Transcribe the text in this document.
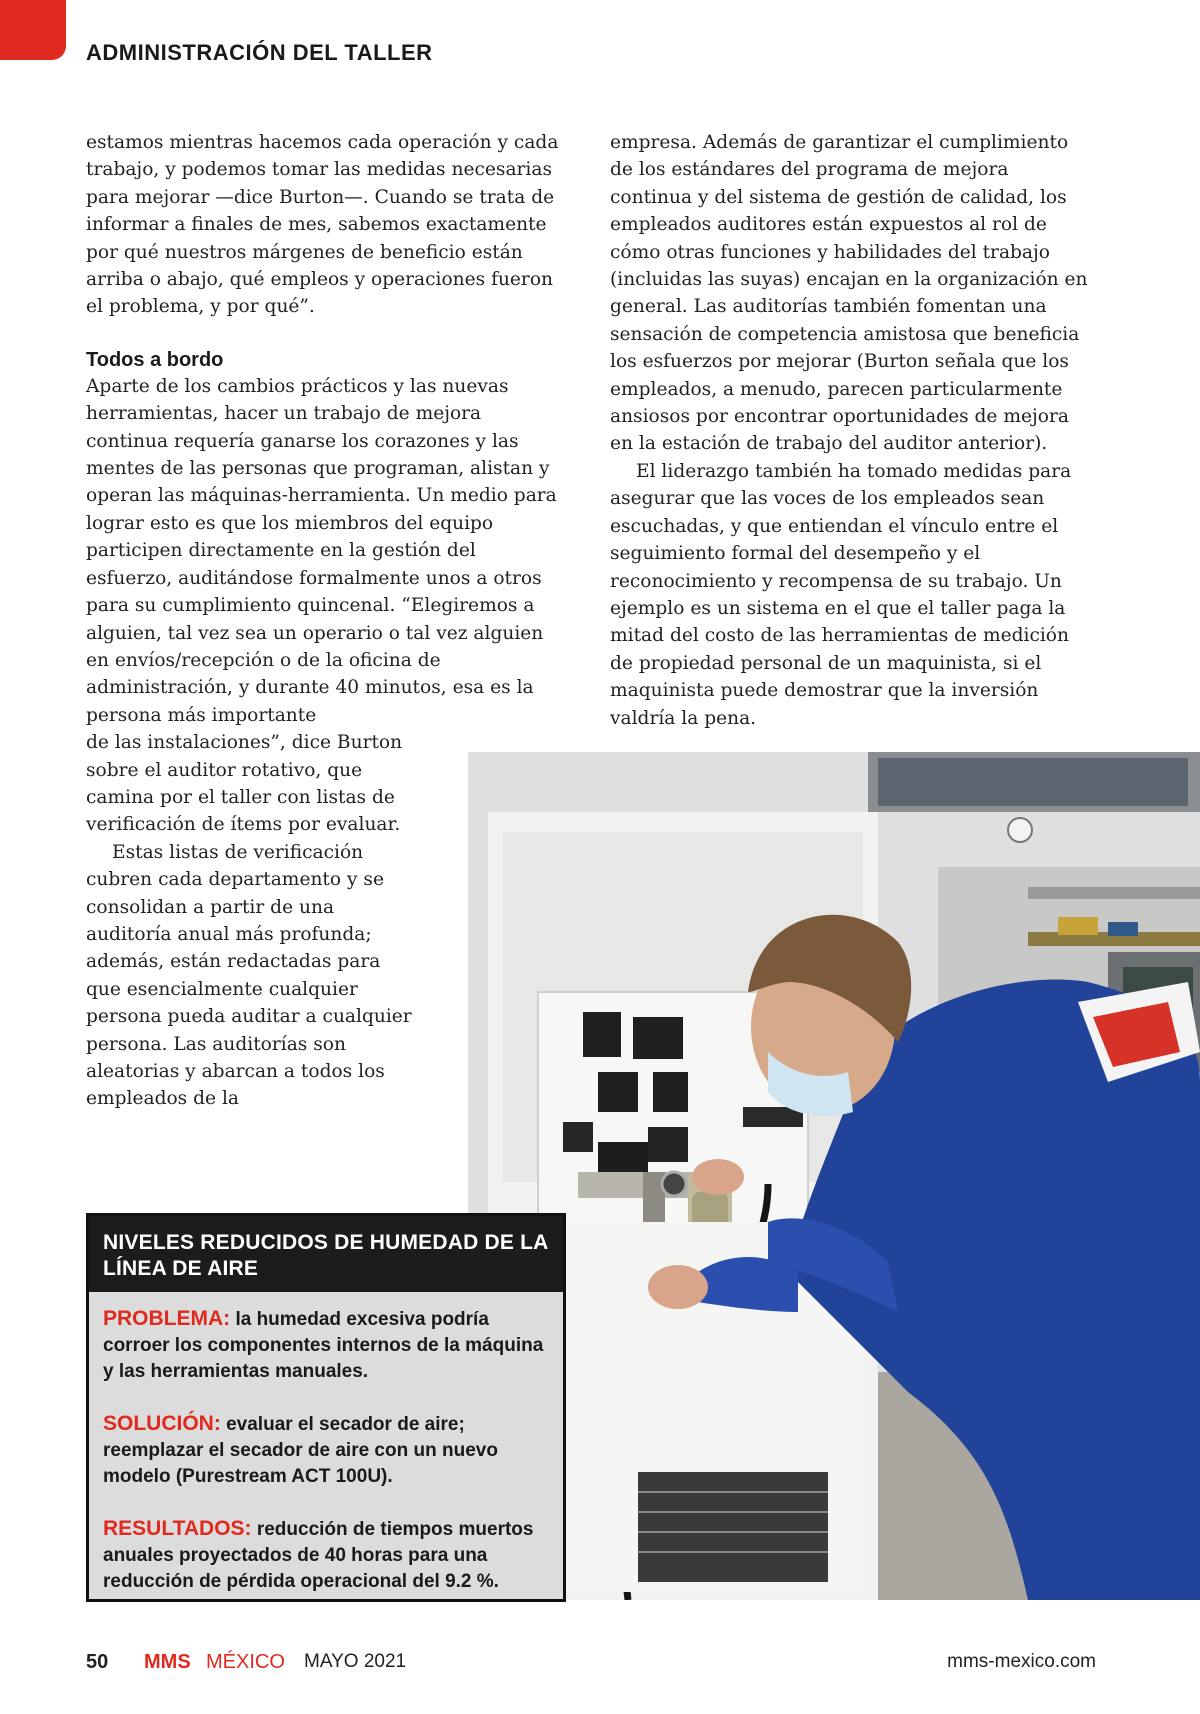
ADMINISTRACIÓN DEL TALLER

estamos mientras hacemos cada operación y cada trabajo, y podemos tomar las medidas necesarias para mejorar —dice Burton—. Cuando se trata de informar a finales de mes, sabemos exactamente por qué nuestros márgenes de beneficio están arriba o abajo, qué empleos y operaciones fueron el problema, y por qué”.

Todos a bordo

Aparte de los cambios prácticos y las nuevas herramientas, hacer un trabajo de mejora continua requería ganarse los corazones y las mentes de las personas que programan, alistan y operan las máquinas-herramienta. Un medio para lograr esto es que los miembros del equipo participen directamente en la gestión del esfuerzo, auditándose formalmente unos a otros para su cumplimiento quincenal. “Elegiremos a alguien, tal vez sea un operario o tal vez alguien en envíos/recepción o de la oficina de administración, y durante 40 minutos, esa es la persona más importante

de las instalaciones”, dice Burton sobre el auditor rotativo, que camina por el taller con listas de verificación de ítems por evaluar.

Estas listas de verificación cubren cada departamento y se consolidan a partir de una auditoría anual más profunda; además, están redactadas para que esencialmente cualquier persona pueda auditar a cualquier persona. Las auditorías son aleatorias y abarcan a todos los empleados de la

empresa. Además de garantizar el cumplimiento de los estándares del programa de mejora continua y del sistema de gestión de calidad, los empleados auditores están expuestos al rol de cómo otras funciones y habilidades del trabajo (incluidas las suyas) encajan en la organización en general. Las auditorías también fomentan una sensación de competencia amistosa que beneficia los esfuerzos por mejorar (Burton señala que los empleados, a menudo, parecen particularmente ansiosos por encontrar oportunidades de mejora en la estación de trabajo del auditor anterior).

El liderazgo también ha tomado medidas para asegurar que las voces de los empleados sean escuchadas, y que entiendan el vínculo entre el seguimiento formal del desempeño y el reconocimiento y recompensa de su trabajo. Un ejemplo es un sistema en el que el taller paga la mitad del costo de las herramientas de medición de propiedad personal de un maquinista, si el maquinista puede demostrar que la inversión valdría la pena.

NIVELES REDUCIDOS DE HUMEDAD DE LA LÍNEA DE AIRE
PROBLEMA: la humedad excesiva podría corroer los componentes internos de la máquina y las herramientas manuales.
SOLUCIÓN: evaluar el secador de aire; reemplazar el secador de aire con un nuevo modelo (Purestream ACT 100U).
RESULTADOS: reducción de tiempos muertos anuales proyectados de 40 horas para una reducción de pérdida operacional del 9.2 %.
50 MMS MÉXICO MAYO 2021	mms-mexico.com
